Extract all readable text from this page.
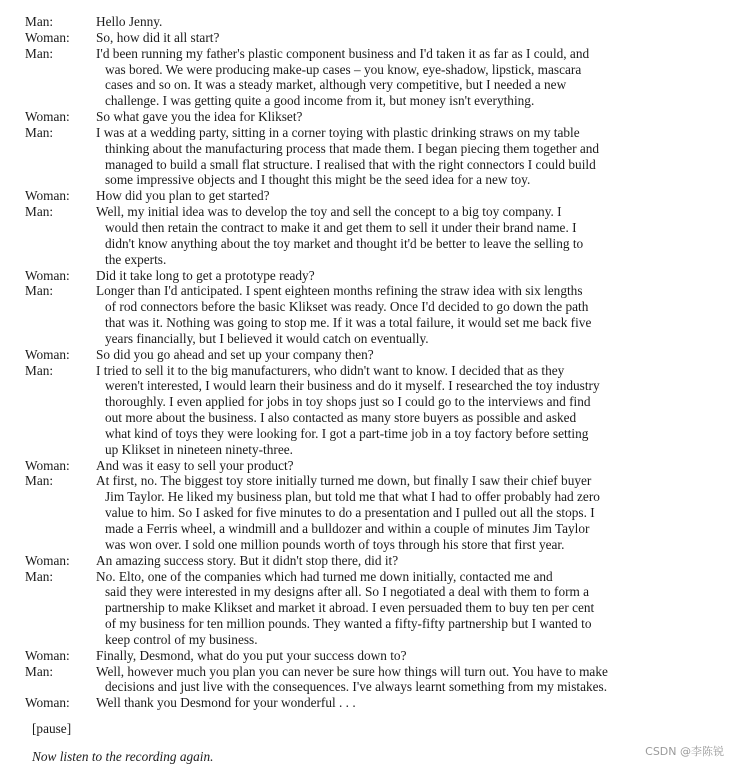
Man:	Hello Jenny.
Woman:	So, how did it all start?
Man:	I'd been running my father's plastic component business and I'd taken it as far as I could, and
was bored. We were producing make-up cases – you know, eye-shadow, lipstick, mascara
cases and so on. It was a steady market, although very competitive, but I needed a new
challenge. I was getting quite a good income from it, but money isn't everything.
Woman:	So what gave you the idea for Klikset?
Man:	I was at a wedding party, sitting in a corner toying with plastic drinking straws on my table
thinking about the manufacturing process that made them. I began piecing them together and
managed to build a small flat structure. I realised that with the right connectors I could build
some impressive objects and I thought this might be the seed idea for a new toy.
Woman:	How did you plan to get started?
Man:	Well, my initial idea was to develop the toy and sell the concept to a big toy company. I
would then retain the contract to make it and get them to sell it under their brand name. I
didn't know anything about the toy market and thought it'd be better to leave the selling to
the experts.
Woman:	Did it take long to get a prototype ready?
Man:	Longer than I'd anticipated. I spent eighteen months refining the straw idea with six lengths
of rod connectors before the basic Klikset was ready. Once I'd decided to go down the path
that was it. Nothing was going to stop me. If it was a total failure, it would set me back five
years financially, but I believed it would catch on eventually.
Woman:	So did you go ahead and set up your company then?
Man:	I tried to sell it to the big manufacturers, who didn't want to know. I decided that as they
weren't interested, I would learn their business and do it myself. I researched the toy industry
thoroughly. I even applied for jobs in toy shops just so I could go to the interviews and find
out more about the business. I also contacted as many store buyers as possible and asked
what kind of toys they were looking for. I got a part-time job in a toy factory before setting
up Klikset in nineteen ninety-three.
Woman:	And was it easy to sell your product?
Man:	At first, no. The biggest toy store initially turned me down, but finally I saw their chief buyer
Jim Taylor. He liked my business plan, but told me that what I had to offer probably had zero
value to him. So I asked for five minutes to do a presentation and I pulled out all the stops. I
made a Ferris wheel, a windmill and a bulldozer and within a couple of minutes Jim Taylor
was won over. I sold one million pounds worth of toys through his store that first year.
Woman:	An amazing success story. But it didn't stop there, did it?
Man:	No. Elto, one of the companies which had turned me down initially, contacted me and
said they were interested in my designs after all. So I negotiated a deal with them to form a
partnership to make Klikset and market it abroad. I even persuaded them to buy ten per cent
of my business for ten million pounds. They wanted a fifty-fifty partnership but I wanted to
keep control of my business.
Woman:	Finally, Desmond, what do you put your success down to?
Man:	Well, however much you plan you can never be sure how things will turn out. You have to make
decisions and just live with the consequences. I've always learnt something from my mistakes.
Woman:	Well thank you Desmond for your wonderful . . .
[pause]
Now listen to the recording again.	CSDN @李陈锐
